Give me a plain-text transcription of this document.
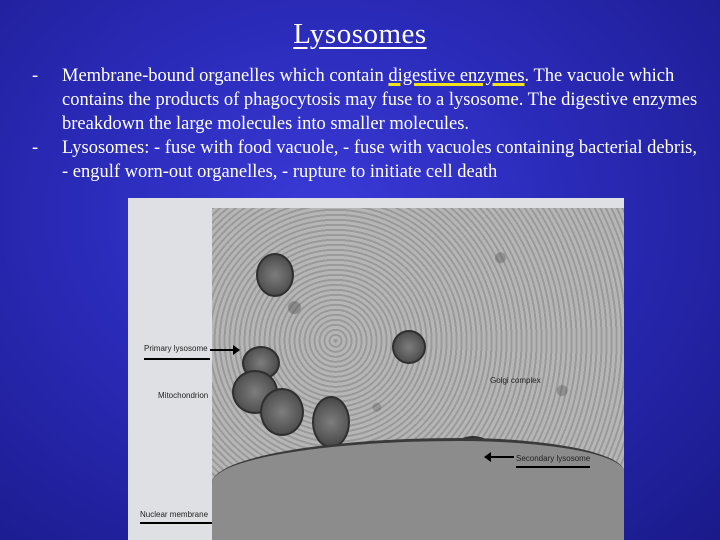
Lysosomes
-	Membrane-bound organelles which contain digestive enzymes. The vacuole which contains the products of phagocytosis may fuse to a lysosome. The digestive enzymes breakdown the large molecules into smaller molecules.
-	Lysosomes: - fuse with food vacuole, - fuse with vacuoles containing bacterial debris, - engulf worn-out organelles, - rupture to initiate cell death
Primary lysosome
Mitochondrion
Golgi complex
Secondary lysosome
Nuclear membrane
